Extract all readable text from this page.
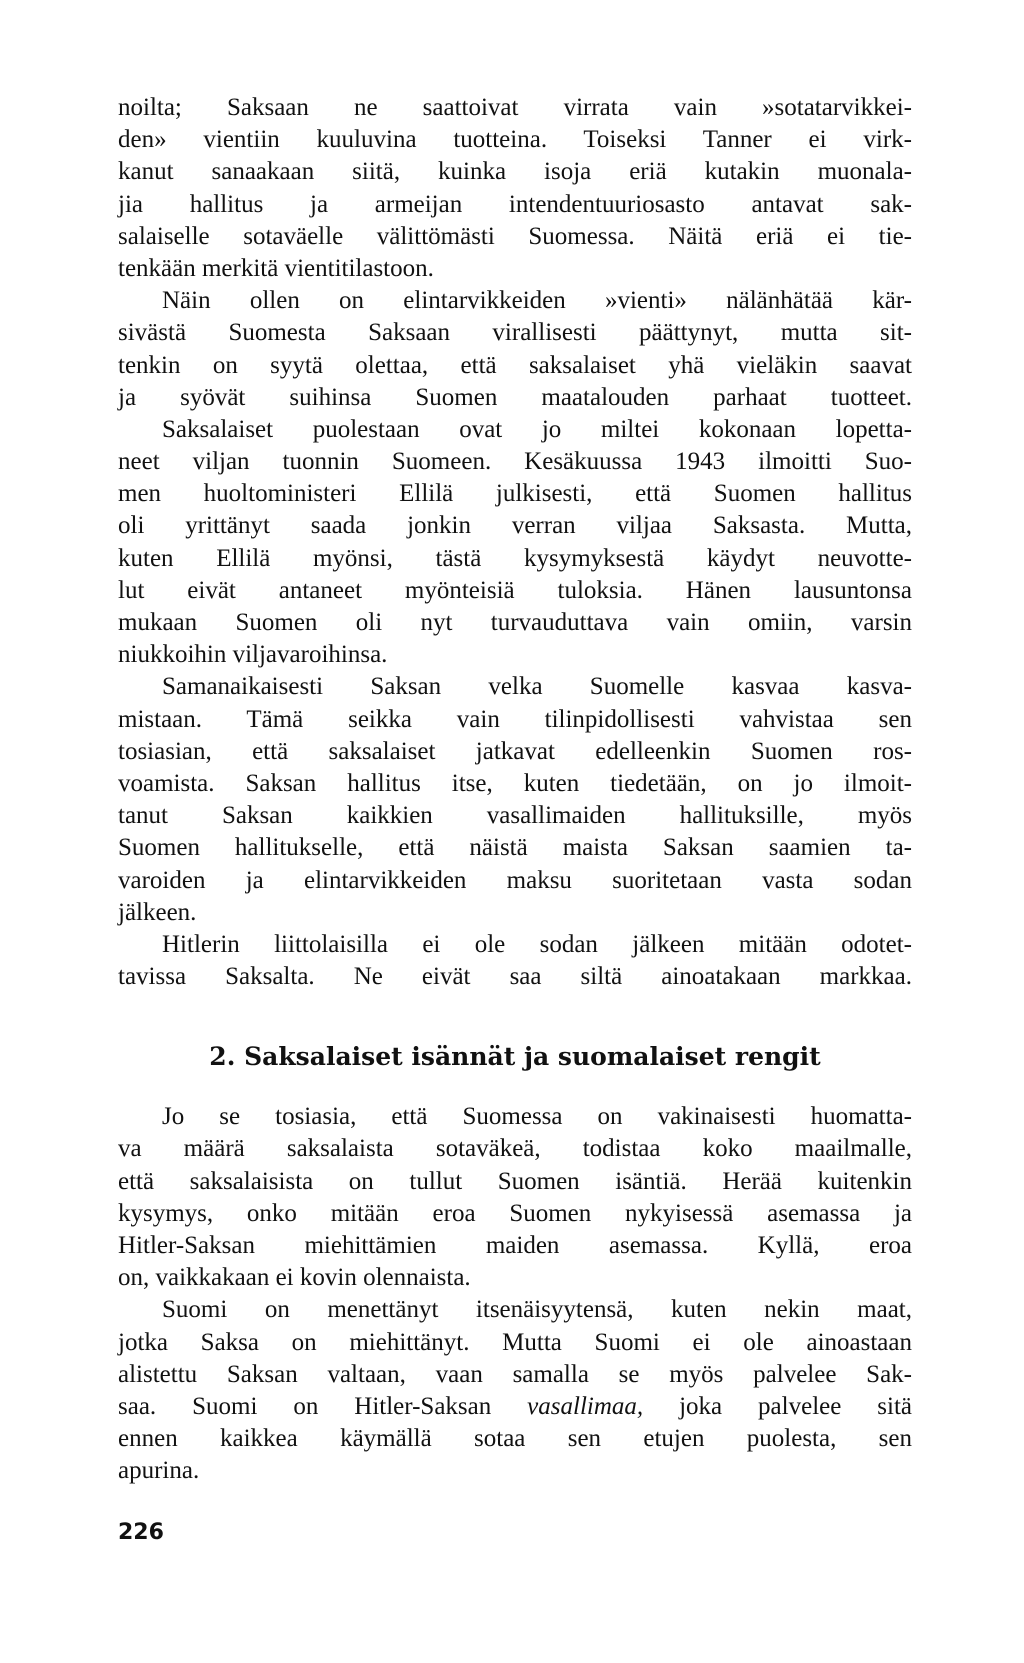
noilta; Saksaan ne saattoivat virrata vain »sotatarvikkei-
den» vientiin kuuluvina tuotteina. Toiseksi Tanner ei virk-
kanut sanaakaan siitä, kuinka isoja eriä kutakin muonala-
jia hallitus ja armeijan intendentuuriosasto antavat sak-
salaiselle sotaväelle välittömästi Suomessa. Näitä eriä ei tie-
tenkään merkitä vientitilastoon.
Näin ollen on elintarvikkeiden »vienti» nälänhätää kär-
sivästä Suomesta Saksaan virallisesti päättynyt, mutta sit-
tenkin on syytä olettaa, että saksalaiset yhä vieläkin saavat
ja syövät suihinsa Suomen maatalouden parhaat tuotteet.
Saksalaiset puolestaan ovat jo miltei kokonaan lopetta-
neet viljan tuonnin Suomeen. Kesäkuussa 1943 ilmoitti Suo-
men huoltoministeri Ellilä julkisesti, että Suomen hallitus
oli yrittänyt saada jonkin verran viljaa Saksasta. Mutta,
kuten Ellilä myönsi, tästä kysymyksestä käydyt neuvotte-
lut eivät antaneet myönteisiä tuloksia. Hänen lausuntonsa
mukaan Suomen oli nyt turvauduttava vain omiin, varsin
niukkoihin viljavaroihinsa.
Samanaikaisesti Saksan velka Suomelle kasvaa kasva-
mistaan. Tämä seikka vain tilinpidollisesti vahvistaa sen
tosiasian, että saksalaiset jatkavat edelleenkin Suomen ros-
voamista. Saksan hallitus itse, kuten tiedetään, on jo ilmoit-
tanut Saksan kaikkien vasallimaiden hallituksille, myös
Suomen hallitukselle, että näistä maista Saksan saamien ta-
varoiden ja elintarvikkeiden maksu suoritetaan vasta sodan
jälkeen.
Hitlerin liittolaisilla ei ole sodan jälkeen mitään odotet-
tavissa Saksalta. Ne eivät saa siltä ainoatakaan markkaa.
2. Saksalaiset isännät ja suomalaiset rengit
Jo se tosiasia, että Suomessa on vakinaisesti huomatta-
va määrä saksalaista sotaväkeä, todistaa koko maailmalle,
että saksalaisista on tullut Suomen isäntiä. Herää kuitenkin
kysymys, onko mitään eroa Suomen nykyisessä asemassa ja
Hitler-Saksan miehittämien maiden asemassa. Kyllä, eroa
on, vaikkakaan ei kovin olennaista.
Suomi on menettänyt itsenäisyytensä, kuten nekin maat,
jotka Saksa on miehittänyt. Mutta Suomi ei ole ainoastaan
alistettu Saksan valtaan, vaan samalla se myös palvelee Sak-
saa. Suomi on Hitler-Saksan vasallimaa, joka palvelee sitä
ennen kaikkea käymällä sotaa sen etujen puolesta, sen
apurina.
226
